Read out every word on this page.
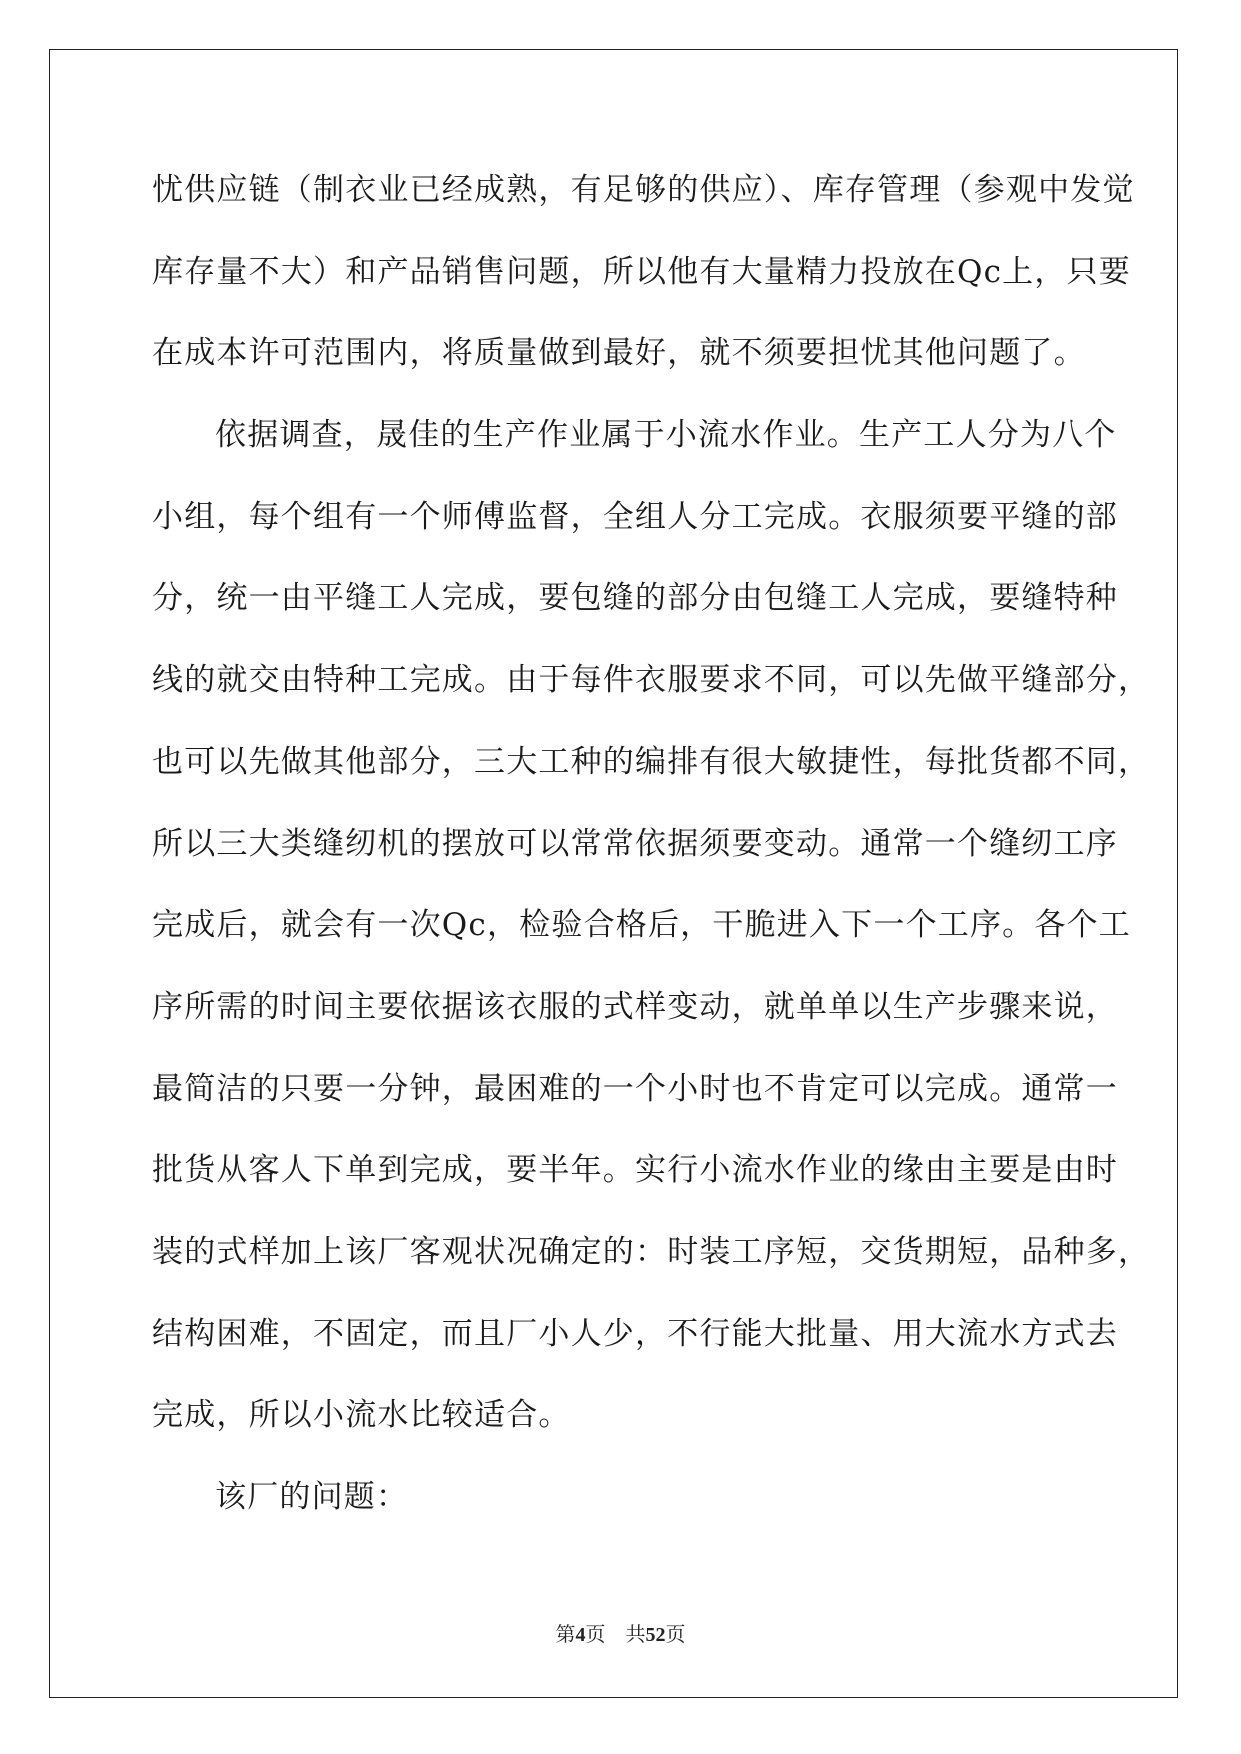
忧供应链（制衣业已经成熟，有足够的供应）、库存管理（参观中发觉
库存量不大）和产品销售问题，所以他有大量精力投放在Qc上，只要
在成本许可范围内，将质量做到最好，就不须要担忧其他问题了。
依据调查，晟佳的生产作业属于小流水作业。生产工人分为八个
小组，每个组有一个师傅监督，全组人分工完成。衣服须要平缝的部
分，统一由平缝工人完成，要包缝的部分由包缝工人完成，要缝特种
线的就交由特种工完成。由于每件衣服要求不同，可以先做平缝部分，
也可以先做其他部分，三大工种的编排有很大敏捷性，每批货都不同，
所以三大类缝纫机的摆放可以常常依据须要变动。通常一个缝纫工序
完成后，就会有一次Qc，检验合格后，干脆进入下一个工序。各个工
序所需的时间主要依据该衣服的式样变动，就单单以生产步骤来说，
最简洁的只要一分钟，最困难的一个小时也不肯定可以完成。通常一
批货从客人下单到完成，要半年。实行小流水作业的缘由主要是由时
装的式样加上该厂客观状况确定的：时装工序短，交货期短，品种多，
结构困难，不固定，而且厂小人少，不行能大批量、用大流水方式去
完成，所以小流水比较适合。
该厂的问题：
第4页 共52页
